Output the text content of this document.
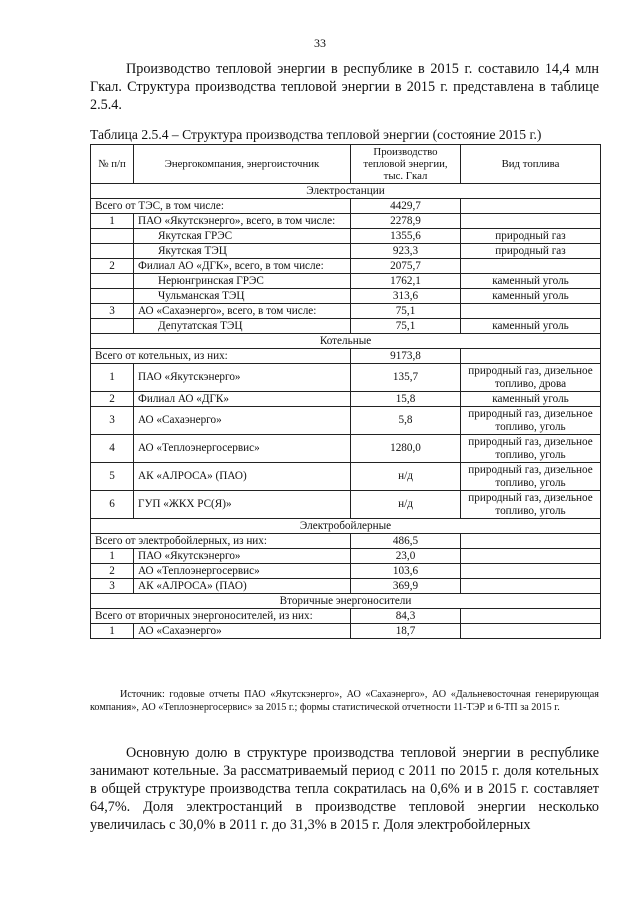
33

Производство тепловой энергии в республике в 2015 г. составило 14,4 млн Гкал. Структура производства тепловой энергии в 2015 г. представлена в таблице 2.5.4.

Таблица 2.5.4 – Структура производства тепловой энергии (состояние 2015 г.)
№ п/п	Энергокомпания, энергоисточник	Производство тепловой энергии, тыс. Гкал	Вид топлива
Электростанции			
Всего от ТЭС, в том числе:		4429,7	
1	ПАО «Якутскэнерго», всего, в том числе:	2278,9	
	Якутская ГРЭС	1355,6	природный газ
	Якутская ТЭЦ	923,3	природный газ
2	Филиал АО «ДГК», всего, в том числе:	2075,7	
	Нерюнгринская ГРЭС	1762,1	каменный уголь
	Чульманская ТЭЦ	313,6	каменный уголь
3	АО «Сахаэнерго», всего, в том числе:	75,1	
	Депутатская ТЭЦ	75,1	каменный уголь
Котельные			
Всего от котельных, из них:		9173,8	
1	ПАО «Якутскэнерго»	135,7	природный газ, дизельное топливо, дрова
2	Филиал АО «ДГК»	15,8	каменный уголь
3	АО «Сахаэнерго»	5,8	природный газ, дизельное топливо, уголь
4	АО «Теплоэнергосервис»	1280,0	природный газ, дизельное топливо, уголь
5	АК «АЛРОСА» (ПАО)	н/д	природный газ, дизельное топливо, уголь
6	ГУП «ЖКХ РС(Я)»	н/д	природный газ, дизельное топливо, уголь
Электробойлерные			
Всего от электробойлерных, из них:		486,5	
1	ПАО «Якутскэнерго»	23,0	
2	АО «Теплоэнергосервис»	103,6	
3	АК «АЛРОСА» (ПАО)	369,9	
Вторичные энергоносители			
Всего от вторичных энергоносителей, из них:		84,3	
1	АО «Сахаэнерго»	18,7	

Источник: годовые отчеты ПАО «Якутскэнерго», АО «Сахаэнерго», АО «Дальневосточная генерирующая компания», АО «Теплоэнергосервис» за 2015 г.; формы статистической отчетности 11-ТЭР и 6-ТП за 2015 г.

Основную долю в структуре производства тепловой энергии в республике занимают котельные. За рассматриваемый период с 2011 по 2015 г. доля котельных в общей структуре производства тепла сократилась на 0,6% и в 2015 г. составляет 64,7%. Доля электростанций в производстве тепловой энергии несколько увеличилась с 30,0% в 2011 г. до 31,3% в 2015 г. Доля электробойлерных
